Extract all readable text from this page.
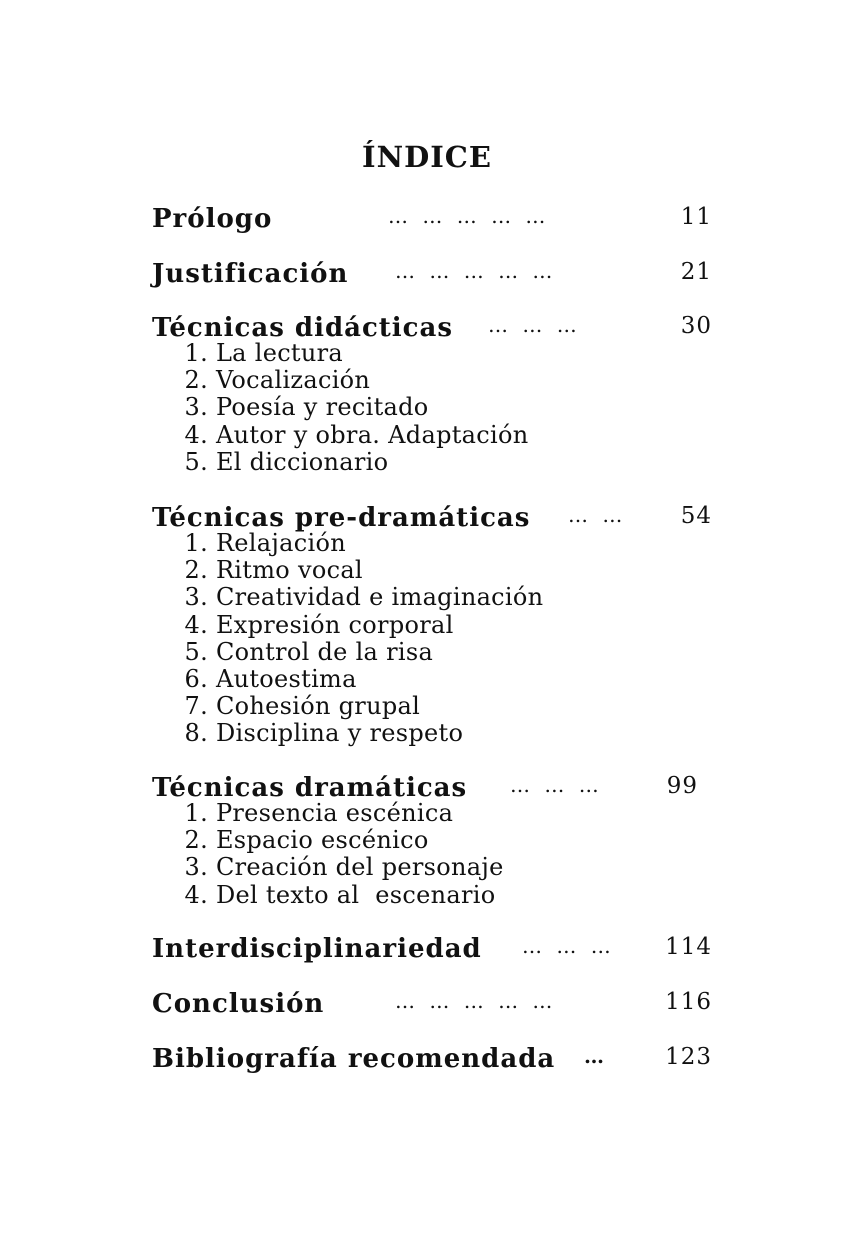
ÍNDICE
Prólogo	… … … … …	11
Justificación … … … … …	21
Técnicas didácticas … … …	30
1. La lectura
2. Vocalización
3. Poesía y recitado
4. Autor y obra. Adaptación
5. El diccionario
Técnicas pre-dramáticas … … 54
1. Relajación
2. Ritmo vocal
3. Creatividad e imaginación
4. Expresión corporal
5. Control de la risa
6. Autoestima
7. Cohesión grupal
8. Disciplina y respeto
Técnicas dramáticas … … …	99
1. Presencia escénica
2. Espacio escénico
3. Creación del personaje
4. Del texto al  escenario
Interdisciplinariedad … … … 114
Conclusión	… … … … …	116
Bibliografía recomendada … 123
